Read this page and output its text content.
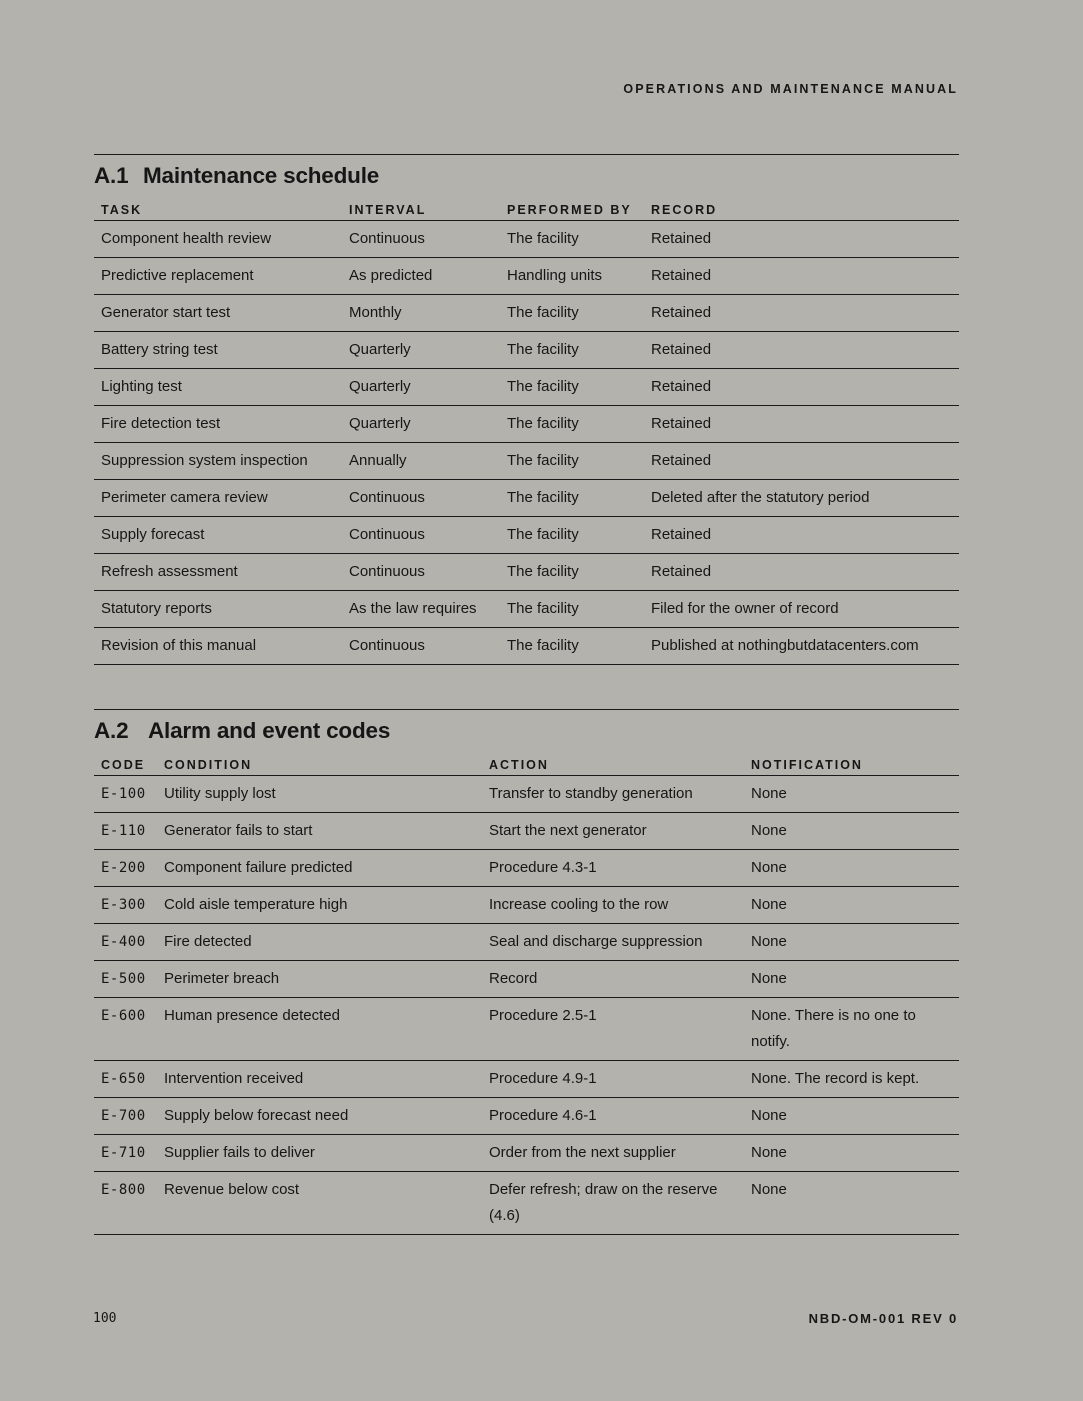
OPERATIONS AND MAINTENANCE MANUAL
A.1 Maintenance schedule
TASK	INTERVAL	PERFORMED BY	RECORD
Component health review	Continuous	The facility	Retained
Predictive replacement	As predicted	Handling units	Retained
Generator start test	Monthly	The facility	Retained
Battery string test	Quarterly	The facility	Retained
Lighting test	Quarterly	The facility	Retained
Fire detection test	Quarterly	The facility	Retained
Suppression system inspection	Annually	The facility	Retained
Perimeter camera review	Continuous	The facility	Deleted after the statutory period
Supply forecast	Continuous	The facility	Retained
Refresh assessment	Continuous	The facility	Retained
Statutory reports	As the law requires	The facility	Filed for the owner of record
Revision of this manual	Continuous	The facility	Published at nothingbutdatacenters.com
A.2 Alarm and event codes
CODE	CONDITION	ACTION	NOTIFICATION
E-100	Utility supply lost	Transfer to standby generation	None
E-110	Generator fails to start	Start the next generator	None
E-200	Component failure predicted	Procedure 4.3-1	None
E-300	Cold aisle temperature high	Increase cooling to the row	None
E-400	Fire detected	Seal and discharge suppression	None
E-500	Perimeter breach	Record	None
E-600	Human presence detected	Procedure 2.5-1	None. There is no one to notify.
E-650	Intervention received	Procedure 4.9-1	None. The record is kept.
E-700	Supply below forecast need	Procedure 4.6-1	None
E-710	Supplier fails to deliver	Order from the next supplier	None
E-800	Revenue below cost	Defer refresh; draw on the reserve (4.6)	None
100	NBD-OM-001 REV 0
